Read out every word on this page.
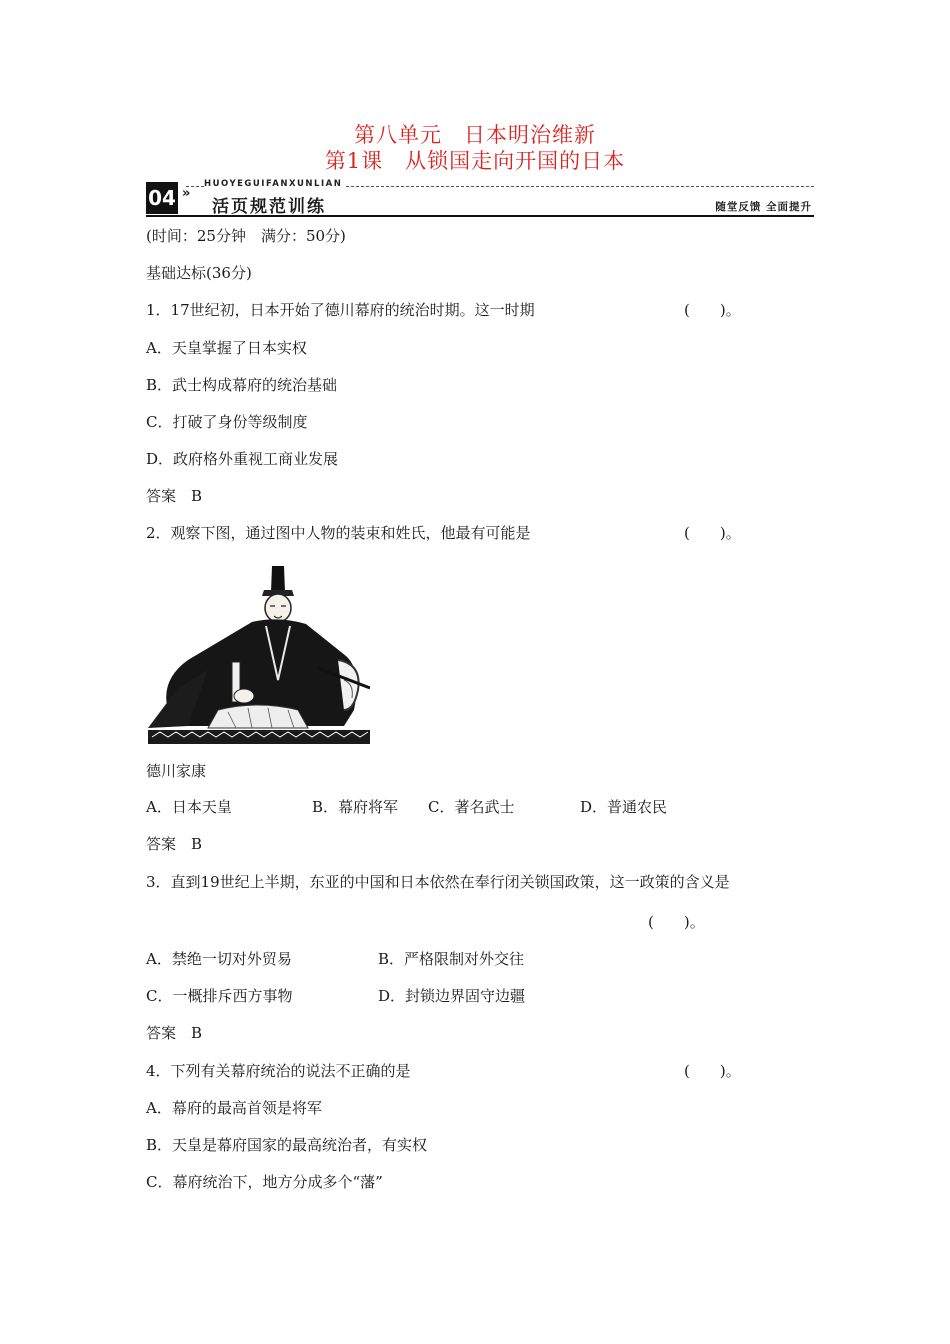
第八单元　日本明治维新
第1课　从锁国走向开国的日本
HUOYEGUIFANXUNLIAN
04 »
活页规范训练	随堂反馈 全面提升
(时间：25分钟　满分：50分)
基础达标(36分)
1．17世纪初，日本开始了德川幕府的统治时期。这一时期	(　　)。
A．天皇掌握了日本实权
B．武士构成幕府的统治基础
C．打破了身份等级制度
D．政府格外重视工商业发展
答案　B
2．观察下图，通过图中人物的装束和姓氏，他最有可能是	(　　)。
德川家康
A．日本天皇	B．幕府将军 C．著名武士	D．普通农民
答案　B
3．直到19世纪上半期，东亚的中国和日本依然在奉行闭关锁国政策，这一政策的含义是
(　　)。
A．禁绝一切对外贸易	B．严格限制对外交往
C．一概排斥西方事物	D．封锁边界固守边疆
答案　B
4．下列有关幕府统治的说法不正确的是	(　　)。
A．幕府的最高首领是将军
B．天皇是幕府国家的最高统治者，有实权
C．幕府统治下，地方分成多个“藩”
